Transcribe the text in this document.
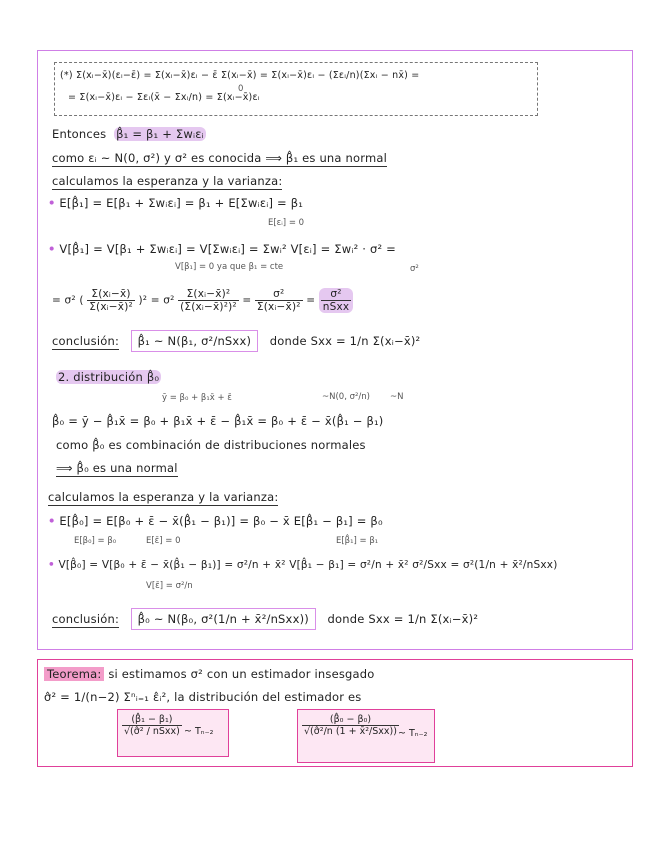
(*) Σ(xᵢ−x̄)(εᵢ−ε̄) = Σ(xᵢ−x̄)εᵢ − ε̄ Σ(xᵢ−x̄) = Σ(xᵢ−x̄)εᵢ − (Σεᵢ/n)(Σxᵢ − nx̄) =
= Σ(xᵢ−x̄)εᵢ − Σεᵢ(x̄ − Σxᵢ/n) = Σ(xᵢ−x̄)εᵢ
0
Entonces β̂₁ = β₁ + Σwᵢεᵢ
como εᵢ ~ N(0, σ²) y σ² es conocida ⟹ β̂₁ es una normal
calculamos la esperanza y la varianza:
• E[β̂₁] = E[β₁ + Σwᵢεᵢ] = β₁ + E[Σwᵢεᵢ] = β₁
E[εᵢ] = 0
• V[β̂₁] = V[β₁ + Σwᵢεᵢ] = V[Σwᵢεᵢ] = Σwᵢ² V[εᵢ] = Σwᵢ² · σ² =
V[β₁] = 0 ya que β₁ = cte	σ²
= σ² ( $\frac{\text{Σ(xᵢ−x̄)}}{\text{Σ(xᵢ−x̄)²}} )^2 = \sigma^2 \frac{\text{Σ(xᵢ−x̄)²}}{\text{(Σ(xᵢ−x̄)²)²}} = \frac{\text{σ²}}{\text{Σ(xᵢ−x̄)²}} = \frac{\text{σ²}}{\text{nSxx}}$
conclusión: β̂₁ ~ N(β₁, σ²/nSxx) donde Sxx = 1/n Σ(xᵢ−x̄)²
2. distribución β̂₀
ȳ = β₀ + β₁x̄ + ε̄	~N(0, σ²/n) ~N
β̂₀ = ȳ − β̂₁x̄ = β₀ + β₁x̄ + ε̄ − β̂₁x̄ = β₀ + ε̄ − x̄(β̂₁ − β₁)
como β̂₀ es combinación de distribuciones normales
⟹ β̂₀ es una normal
calculamos la esperanza y la varianza:
• E[β̂₀] = E[β₀ + ε̄ − x̄(β̂₁ − β₁)] = β₀ − x̄ E[β̂₁ − β₁] = β₀
E[β₀] = β₀	E[ε̄] = 0	E[β̂₁] = β₁
• V[β̂₀] = V[β₀ + ε̄ − x̄(β̂₁ − β₁)] = σ²/n + x̄² V[β̂₁ − β₁] = σ²/n + x̄² σ²/Sxx = σ²(1/n + x̄²/nSxx)
V[ε̄] = σ²/n
conclusión: β̂₀ ~ N(β₀, σ²(1/n + x̄²/nSxx)) donde Sxx = 1/n Σ(xᵢ−x̄)²
Teorema: si estimamos σ² con un estimador insesgado
σ̂² = 1/(n−2) Σⁿᵢ₌₁ ε̂ᵢ², la distribución del estimador es
$\frac{\text{(β̂₁ − β₁)}}{\text{√(σ̂² / nSxx)}}$ ~ Tₙ₋₂	$\frac{\text{(β̂₀ − β₀)}}{\text{√(σ̂²/n (1 + x̄²/Sxx))}}$ ~ Tₙ₋₂
